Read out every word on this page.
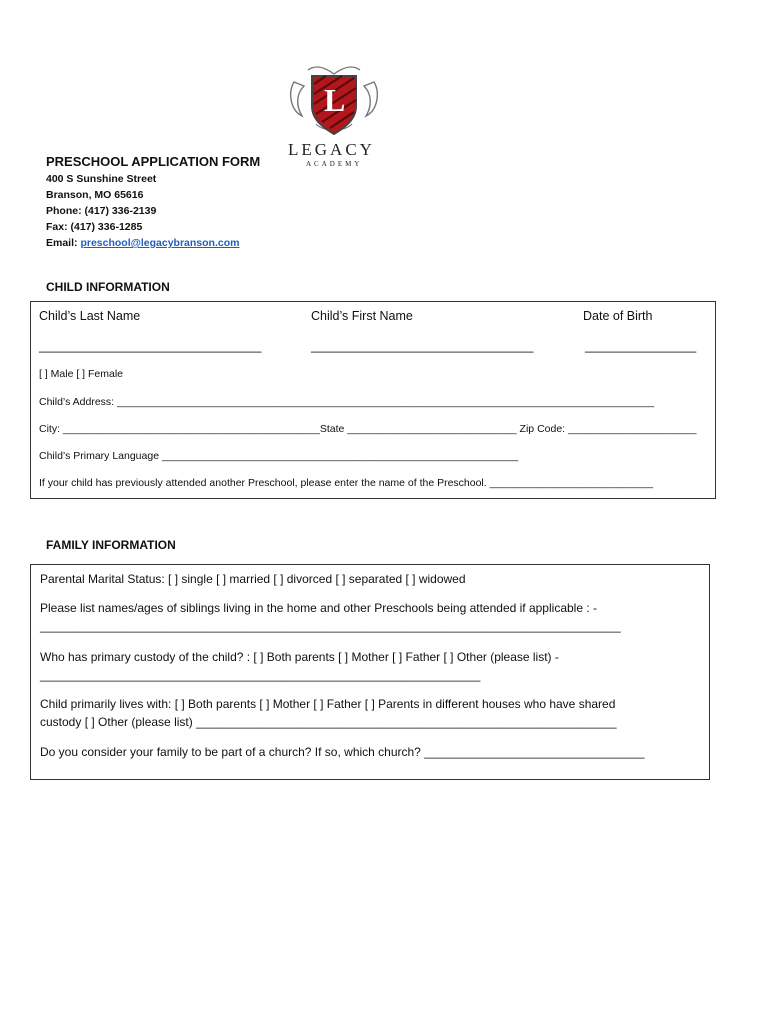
L
LEGACY
ACADEMY
PRESCHOOL APPLICATION FORM
400 S Sunshine Street
Branson, MO 65616
Phone: (417) 336-2139
Fax: (417) 336-1285
Email: preschool@legacybranson.com
CHILD INFORMATION
Child’s Last Name	Child’s First Name	Date of Birth
________________________________	________________________________	________________
[ ] Male [ ] Female
Child’s Address: ____________________________________________________________________________________________
City: ____________________________________________State _____________________________ Zip Code: ______________________
Child’s Primary Language _____________________________________________________________
If your child has previously attended another Preschool, please enter the name of the Preschool. ____________________________
FAMILY INFORMATION
Parental Marital Status: [ ] single [ ] married [ ] divorced [ ] separated [ ] widowed
Please list names/ages of siblings living in the home and other Preschools being attended if applicable : -
_______________________________________________________________________________________
Who has primary custody of the child? : [ ] Both parents [ ] Mother [ ] Father [ ] Other (please list) -
__________________________________________________________________
Child primarily lives with: [ ] Both parents [ ] Mother [ ] Father [ ] Parents in different houses who have shared
custody [ ] Other (please list) _______________________________________________________________
Do you consider your family to be part of a church? If so, which church? _________________________________
